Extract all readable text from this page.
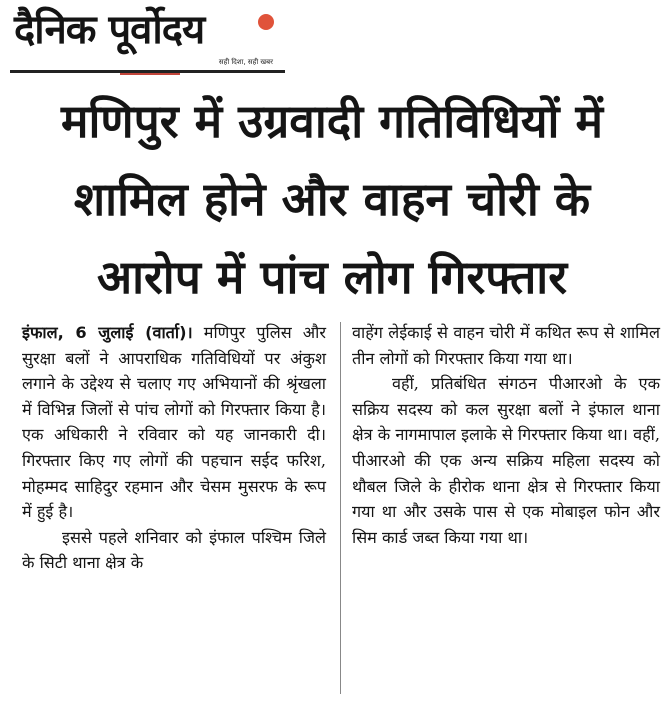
दैनिक पूर्वोदय
सही दिशा, सही खबर
मणिपुर में उग्रवादी गतिविधियों में शामिल होने और वाहन चोरी के आरोप में पांच लोग गिरफ्तार

इंफाल, 6 जुलाई (वार्ता)। मणिपुर पुलिस और सुरक्षा बलों ने आपराधिक गतिविधियों पर अंकुश लगाने के उद्देश्य से चलाए गए अभियानों की श्रृंखला में विभिन्न जिलों से पांच लोगों को गिरफ्तार किया है। एक अधिकारी ने रविवार को यह जानकारी दी। गिरफ्तार किए गए लोगों की पहचान सईद फरिश, मोहम्मद साहिदुर रहमान और चेसम मुसरफ के रूप में हुई है।

इससे पहले शनिवार को इंफाल पश्चिम जिले के सिटी थाना क्षेत्र के

वाहेंग लेईकाई से वाहन चोरी में कथित रूप से शामिल तीन लोगों को गिरफ्तार किया गया था।

वहीं, प्रतिबंधित संगठन पीआरओ के एक सक्रिय सदस्य को कल सुरक्षा बलों ने इंफाल थाना क्षेत्र के नागमापाल इलाके से गिरफ्तार किया था। वहीं, पीआरओ की एक अन्य सक्रिय महिला सदस्य को थौबल जिले के हीरोक थाना क्षेत्र से गिरफ्तार किया गया था और उसके पास से एक मोबाइल फोन और सिम कार्ड जब्त किया गया था।
